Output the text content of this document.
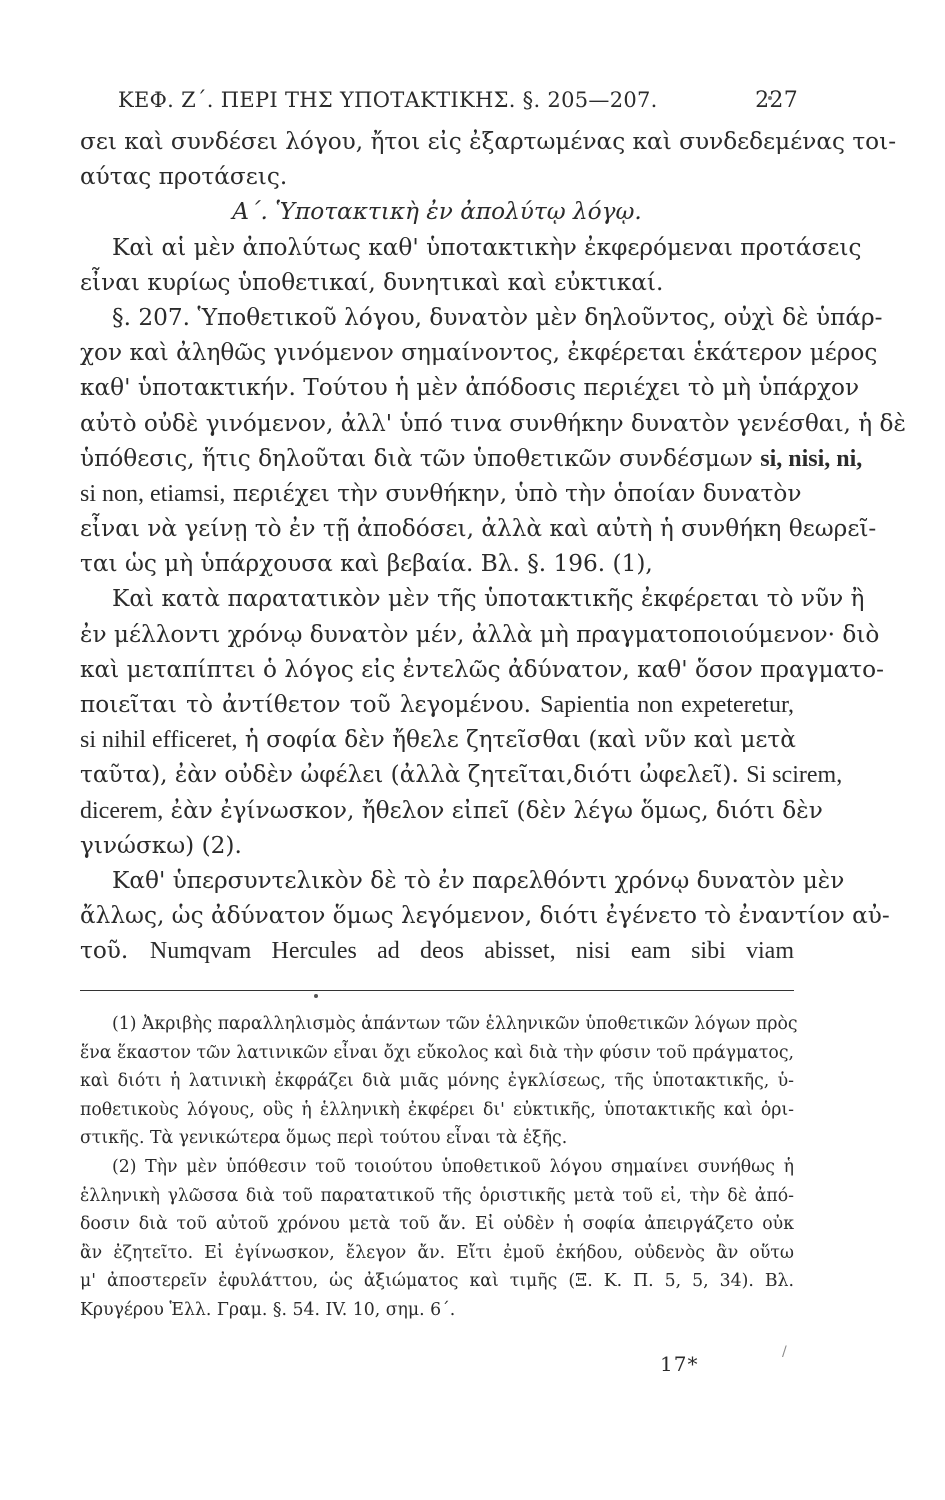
ΚΕΦ. Ζ΄. ΠΕΡΙ ΤΗΣ ΥΠΟΤΑΚΤΙΚΗΣ. §. 205—207.	227
σει καὶ συνδέσει λόγου, ἤτοι εἰς ἐξαρτωμένας καὶ συνδεδεμένας τοι-
αύτας προτάσεις.
Α΄. Ὑποτακτικὴ ἐν ἀπολύτῳ λόγῳ.
Καὶ αἱ μὲν ἀπολύτως καθ' ὑποτακτικὴν ἐκφερόμεναι προτάσεις
εἶναι κυρίως ὑποθετικαί, δυνητικαὶ καὶ εὐκτικαί.
§. 207. Ὑποθετικοῦ λόγου, δυνατὸν μὲν δηλοῦντος, οὐχὶ δὲ ὑπάρ-
χον καὶ ἀληθῶς γινόμενον σημαίνοντος, ἐκφέρεται ἑκάτερον μέρος
καθ' ὑποτακτικήν. Τούτου ἡ μὲν ἀπόδοσις περιέχει τὸ μὴ ὑπάρχον
αὐτὸ οὐδὲ γινόμενον, ἀλλ' ὑπό τινα συνθήκην δυνατὸν γενέσθαι, ἡ δὲ
ὑπόθεσις, ἥτις δηλοῦται διὰ τῶν ὑποθετικῶν συνδέσμων si, nisi, ni,
si non, etiamsi, περιέχει τὴν συνθήκην, ὑπὸ τὴν ὁποίαν δυνατὸν
εἶναι νὰ γείνῃ τὸ ἐν τῇ ἀποδόσει, ἀλλὰ καὶ αὐτὴ ἡ συνθήκη θεωρεῖ-
ται ὡς μὴ ὑπάρχουσα καὶ βεβαία. Βλ. §. 196. (1),
Καὶ κατὰ παρατατικὸν μὲν τῆς ὑποτακτικῆς ἐκφέρεται τὸ νῦν ἢ
ἐν μέλλοντι χρόνῳ δυνατὸν μέν, ἀλλὰ μὴ πραγματοποιούμενον· διὸ
καὶ μεταπίπτει ὁ λόγος εἰς ἐντελῶς ἀδύνατον, καθ' ὅσον πραγματο-
ποιεῖται τὸ ἀντίθετον τοῦ λεγομένου. Sapientia non expeteretur,
si nihil efficeret, ἡ σοφία δὲν ἤθελε ζητεῖσθαι (καὶ νῦν καὶ μετὰ
ταῦτα), ἐὰν οὐδὲν ὠφέλει (ἀλλὰ ζητεῖται,διότι ὠφελεῖ). Si scirem,
dicerem, ἐὰν ἐγίνωσκον, ἤθελον εἰπεῖ (δὲν λέγω ὅμως, διότι δὲν
γινώσκω) (2).
Καθ' ὑπερσυντελικὸν δὲ τὸ ἐν παρελθόντι χρόνῳ δυνατὸν μὲν
ἄλλως, ὡς ἀδύνατον ὅμως λεγόμενον, διότι ἐγένετο τὸ ἐναντίον αὐ-
τοῦ. Numqvam Hercules ad deos abisset, nisi eam sibi viam
(1) Ἀκριβὴς παραλληλισμὸς ἁπάντων τῶν ἑλληνικῶν ὑποθετικῶν λόγων πρὸς
ἕνα ἕκαστον τῶν λατινικῶν εἶναι ὄχι εὔκολος καὶ διὰ τὴν φύσιν τοῦ πράγματος,
καὶ διότι ἡ λατινικὴ ἐκφράζει διὰ μιᾶς μόνης ἐγκλίσεως, τῆς ὑποτακτικῆς, ὑ-
ποθετικοὺς λόγους, οὓς ἡ ἑλληνικὴ ἐκφέρει δι' εὐκτικῆς, ὑποτακτικῆς καὶ ὁρι-
στικῆς. Τὰ γενικώτερα ὅμως περὶ τούτου εἶναι τὰ ἑξῆς.
(2) Τὴν μὲν ὑπόθεσιν τοῦ τοιούτου ὑποθετικοῦ λόγου σημαίνει συνήθως ἡ
ἑλληνικὴ γλῶσσα διὰ τοῦ παρατατικοῦ τῆς ὁριστικῆς μετὰ τοῦ εἰ, τὴν δὲ ἀπό-
δοσιν διὰ τοῦ αὐτοῦ χρόνου μετὰ τοῦ ἄν. Εἰ οὐδὲν ἡ σοφία ἀπειργάζετο οὐκ
ἂν ἐζητεῖτο. Εἰ ἐγίνωσκον, ἔλεγον ἄν. Εἴτι ἐμοῦ ἐκήδου, οὐδενὸς ἂν οὕτω
μ' ἀποστερεῖν ἐφυλάττου, ὡς ἀξιώματος καὶ τιμῆς (Ξ. Κ. Π. 5, 5, 34). Βλ.
Κρυγέρου Ἑλλ. Γραμ. §. 54. IV. 10, σημ. 6΄.
17*	/
